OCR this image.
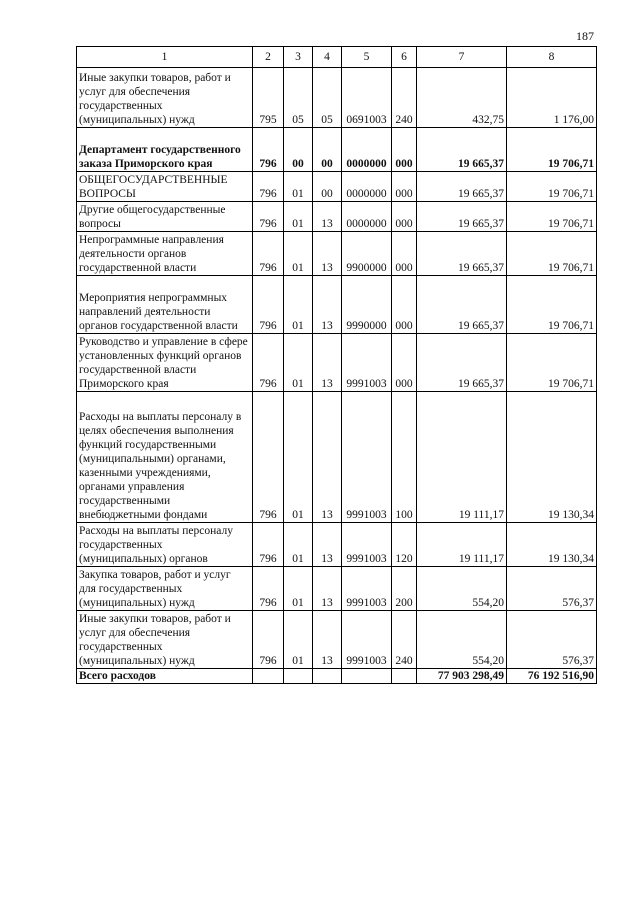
187
1	2	3	4	5	6	7	8
Иные закупки товаров, работ и услуг для обеспечения государственных (муниципальных) нужд	795	05	05	0691003	240	432,75	1 176,00
Департамент государственного заказа Приморского края	796	00	00	0000000	000	19 665,37	19 706,71
ОБЩЕГОСУДАРСТВЕННЫЕ ВОПРОСЫ	796	01	00	0000000	000	19 665,37	19 706,71
Другие общегосударственные вопросы	796	01	13	0000000	000	19 665,37	19 706,71
Непрограммные направления деятельности органов государственной власти	796	01	13	9900000	000	19 665,37	19 706,71
Мероприятия непрограммных направлений деятельности органов государственной власти	796	01	13	9990000	000	19 665,37	19 706,71
Руководство и управление в сфере установленных функций органов государственной власти Приморского края	796	01	13	9991003	000	19 665,37	19 706,71
Расходы на выплаты персоналу в целях обеспечения выполнения функций государственными (муниципальными) органами, казенными учреждениями, органами управления государственными внебюджетными фондами	796	01	13	9991003	100	19 111,17	19 130,34
Расходы на выплаты персоналу государственных (муниципальных) органов	796	01	13	9991003	120	19 111,17	19 130,34
Закупка товаров, работ и услуг для государственных (муниципальных) нужд	796	01	13	9991003	200	554,20	576,37
Иные закупки товаров, работ и услуг для обеспечения государственных (муниципальных) нужд	796	01	13	9991003	240	554,20	576,37
Всего расходов						77 903 298,49	76 192 516,90
